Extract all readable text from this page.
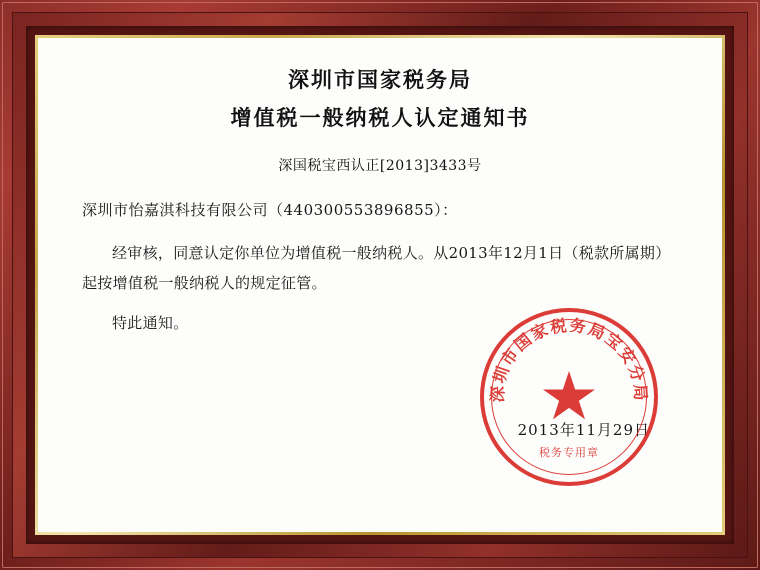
深圳市国家税务局
增值税一般纳税人认定通知书
深国税宝西认正[2013]3433号
深圳市怡嘉淇科技有限公司（440300553896855）：
经审核，同意认定你单位为增值税一般纳税人。从2013年12月1日（税款所属期）起按增值税一般纳税人的规定征管。
特此通知。
2013年11月29日
深圳市国家税务局宝安分局
税务专用章
